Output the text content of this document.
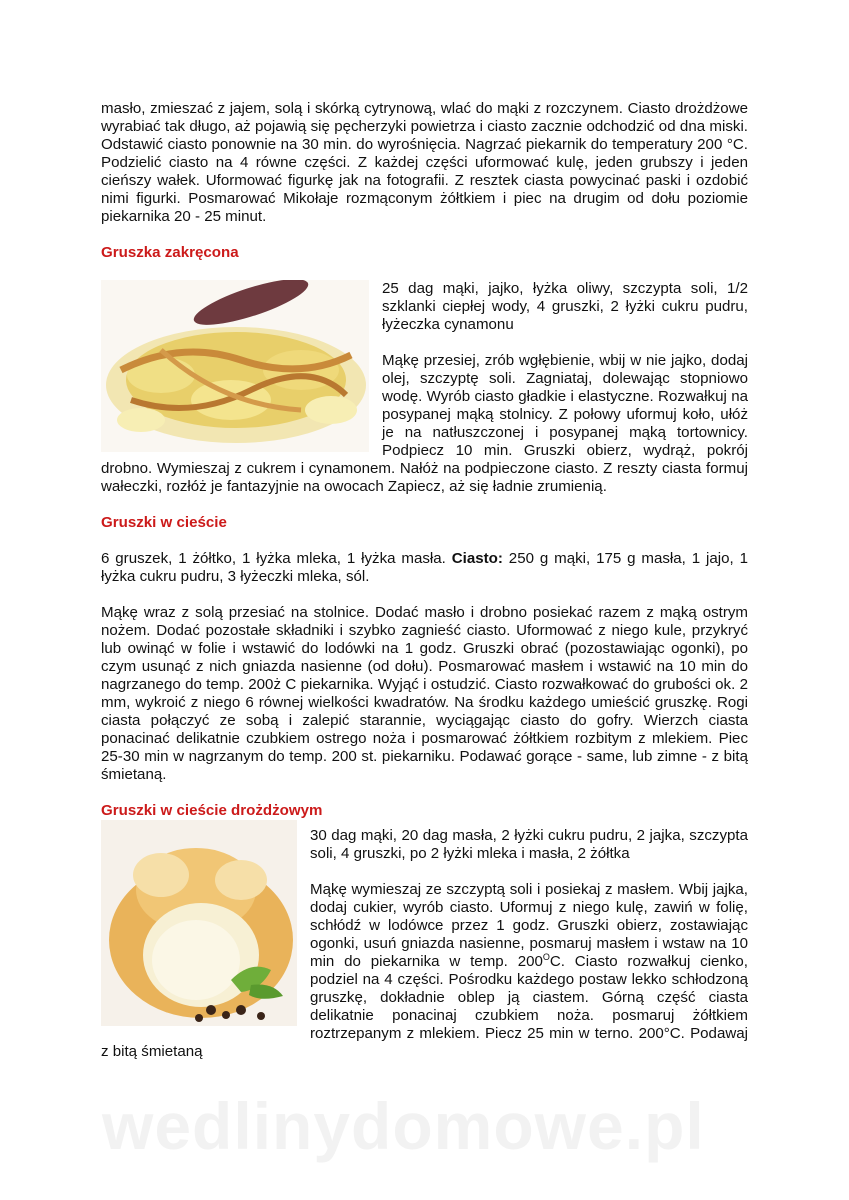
masło, zmieszać z jajem, solą i skórką cytrynową, wlać do mąki z rozczynem. Ciasto drożdżowe wyrabiać tak długo, aż pojawią się pęcherzyki powietrza i ciasto zacznie odchodzić od dna miski. Odstawić ciasto ponownie na 30 min. do wyrośnięcia. Nagrzać piekarnik do temperatury 200 °C. Podzielić ciasto na 4 równe części. Z każdej części uformować kulę, jeden grubszy i jeden cieńszy wałek. Uformować figurkę jak na fotografii. Z resztek ciasta powycinać paski i ozdobić nimi figurki. Posmarować Mikołaje rozmąconym żółtkiem i piec na drugim od dołu poziomie piekarnika 20 - 25 minut.

Gruszka zakręcona

25 dag mąki, jajko, łyżka oliwy, szczypta soli, 1/2 szklanki ciepłej wody, 4 gruszki, 2 łyżki cukru pudru, łyżeczka cynamonu

Mąkę przesiej, zrób wgłębienie, wbij w nie jajko, dodaj olej, szczyptę soli. Zagniataj, dolewając stopniowo wodę. Wyrób ciasto gładkie i elastyczne. Rozwałkuj na posypanej mąką stolnicy. Z połowy uformuj koło, ułóż je na natłuszczonej i posypanej mąką tortownicy. Podpiecz 10 min. Gruszki obierz, wydrąż, pokrój drobno. Wymieszaj z cukrem i cynamonem. Nałóż na podpieczone ciasto. Z reszty ciasta formuj wałeczki, rozłóż je fantazyjnie na owocach Zapiecz, aż się ładnie zrumienią.

Gruszki w cieście

6 gruszek, 1 żółtko, 1 łyżka mleka, 1 łyżka masła. Ciasto: 250 g mąki, 175 g masła, 1 jajo, 1 łyżka cukru pudru, 3 łyżeczki mleka, sól.

Mąkę wraz z solą przesiać na stolnice. Dodać masło i drobno posiekać razem z mąką ostrym nożem. Dodać pozostałe składniki i szybko zagnieść ciasto. Uformować z niego kule, przykryć lub owinąć w folie i wstawić do lodówki na 1 godz. Gruszki obrać (pozostawiając ogonki), po czym usunąć z nich gniazda nasienne (od dołu). Posmarować masłem i wstawić na 10 min do nagrzanego do temp. 200ż C piekarnika. Wyjąć i ostudzić. Ciasto rozwałkować do grubości ok. 2 mm, wykroić z niego 6 równej wielkości kwadratów. Na środku każdego umieścić gruszkę. Rogi ciasta połączyć ze sobą i zalepić starannie, wyciągając ciasto do gofry. Wierzch ciasta ponacinać delikatnie czubkiem ostrego noża i posmarować żółtkiem rozbitym z mlekiem. Piec 25-30 min w nagrzanym do temp. 200 st. piekarniku. Podawać gorące - same, lub zimne - z bitą śmietaną.

Gruszki w cieście drożdżowym

30 dag mąki, 20 dag masła, 2 łyżki cukru pudru, 2 jajka, szczypta soli, 4 gruszki, po 2 łyżki mleka i masła, 2 żółtka

Mąkę wymieszaj ze szczyptą soli i posiekaj z masłem. Wbij jajka, dodaj cukier, wyrób ciasto. Uformuj z niego kulę, zawiń w folię, schłódź w lodówce przez 1 godz. Gruszki obierz, zostawiając ogonki, usuń gniazda nasienne, posmaruj masłem i wstaw na 10 min do piekarnika w temp. $200^OC$. Ciasto rozwałkuj cienko, podziel na 4 części. Pośrodku każdego postaw lekko schłodzoną gruszkę, dokładnie oblep ją ciastem. Górną część ciasta delikatnie ponacinaj czubkiem noża. posmaruj żółtkiem roztrzepanym z mlekiem. Piecz 25 min w terno. 200°C. Podawaj z bitą śmietaną

wedlinydomowe.pl
